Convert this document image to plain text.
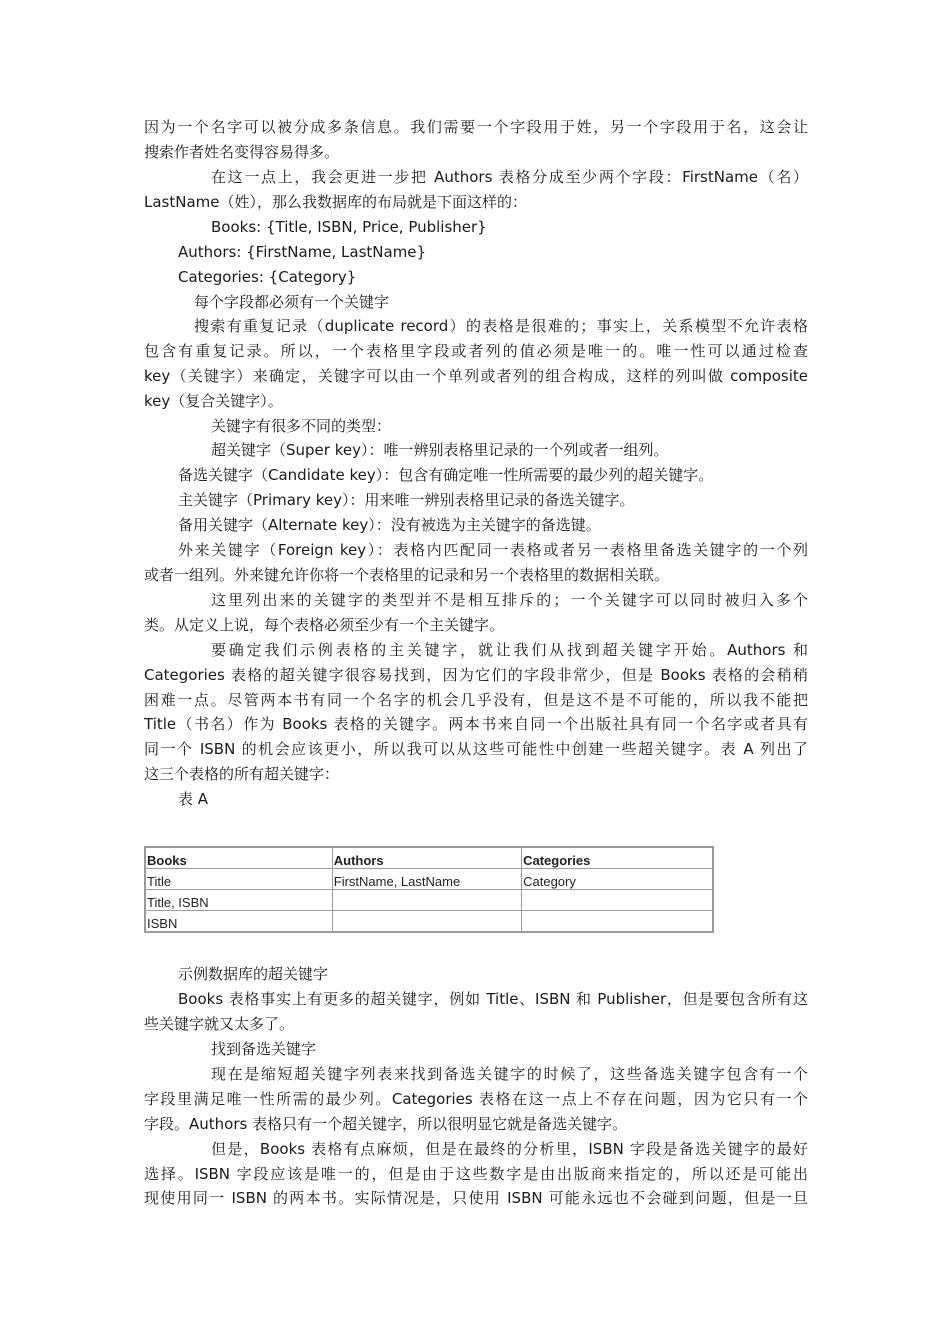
因为一个名字可以被分成多条信息。我们需要一个字段用于姓，另一个字段用于名，这会让
搜索作者姓名变得容易得多。
在这一点上，我会更进一步把 Authors 表格分成至少两个字段：FirstName（名）
LastName（姓），那么我数据库的布局就是下面这样的：
Books: {Title, ISBN, Price, Publisher}
Authors: {FirstName, LastName}
Categories: {Category}
每个字段都必须有一个关键字
搜索有重复记录（duplicate record）的表格是很难的；事实上，关系模型不允许表格
包含有重复记录。所以，一个表格里字段或者列的值必须是唯一的。唯一性可以通过检查
key（关键字）来确定，关键字可以由一个单列或者列的组合构成，这样的列叫做 composite
key（复合关键字）。
关键字有很多不同的类型：
超关键字（Super key）：唯一辨别表格里记录的一个列或者一组列。
备选关键字（Candidate key）：包含有确定唯一性所需要的最少列的超关键字。
主关键字（Primary key）：用来唯一辨别表格里记录的备选关键字。
备用关键字（Alternate key）：没有被选为主关键字的备选键。
外来关键字（Foreign key）：表格内匹配同一表格或者另一表格里备选关键字的一个列
或者一组列。外来键允许你将一个表格里的记录和另一个表格里的数据相关联。
这里列出来的关键字的类型并不是相互排斥的；一个关键字可以同时被归入多个
类。从定义上说，每个表格必须至少有一个主关键字。
要确定我们示例表格的主关键字，就让我们从找到超关键字开始。Authors 和
Categories 表格的超关键字很容易找到，因为它们的字段非常少，但是 Books 表格的会稍稍
困难一点。尽管两本书有同一个名字的机会几乎没有，但是这不是不可能的，所以我不能把
Title（书名）作为 Books 表格的关键字。两本书来自同一个出版社具有同一个名字或者具有
同一个 ISBN 的机会应该更小，所以我可以从这些可能性中创建一些超关键字。表 A 列出了
这三个表格的所有超关键字：
表 A
Books	Authors	Categories
Title	FirstName, LastName	Category
Title, ISBN		
ISBN		
示例数据库的超关键字
Books 表格事实上有更多的超关键字，例如 Title、ISBN 和 Publisher，但是要包含所有这
些关键字就又太多了。
找到备选关键字
现在是缩短超关键字列表来找到备选关键字的时候了，这些备选关键字包含有一个
字段里满足唯一性所需的最少列。Categories 表格在这一点上不存在问题，因为它只有一个
字段。Authors 表格只有一个超关键字，所以很明显它就是备选关键字。
但是，Books 表格有点麻烦，但是在最终的分析里，ISBN 字段是备选关键字的最好
选择。ISBN 字段应该是唯一的，但是由于这些数字是由出版商来指定的，所以还是可能出
现使用同一 ISBN 的两本书。实际情况是，只使用 ISBN 可能永远也不会碰到问题，但是一旦
